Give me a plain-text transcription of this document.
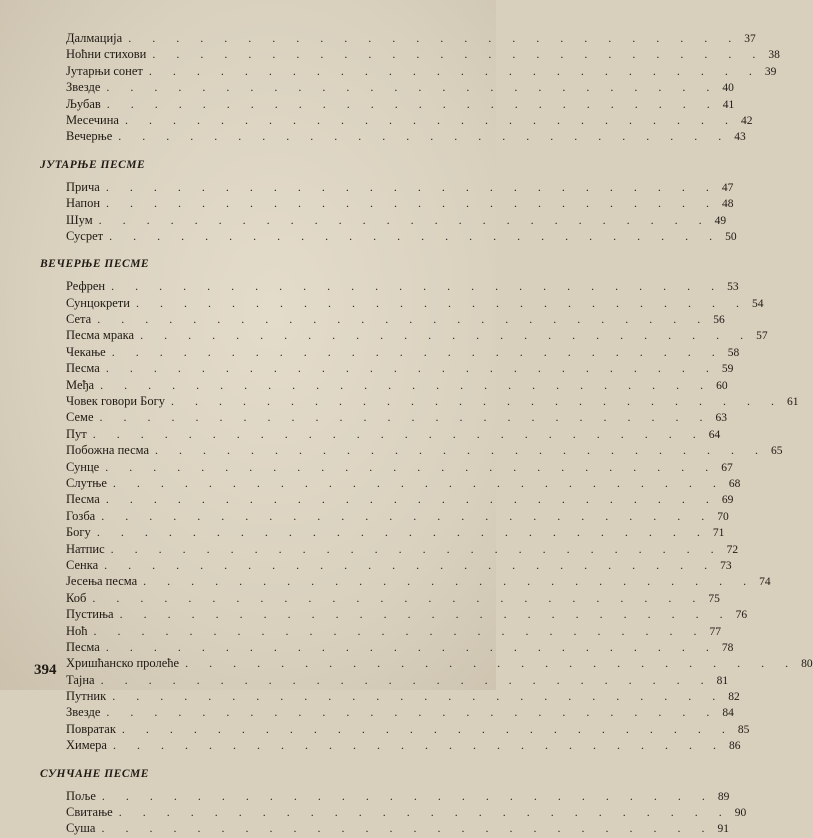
Далмација . . . . . . . . . . . . . . . . . . . . . . . . . . 37
Ноћни стихови . . . . . . . . . . . . . . . . . . . . . . . . . . 38
Јутарњи сонет . . . . . . . . . . . . . . . . . . . . . . . . . . 39
Звезде . . . . . . . . . . . . . . . . . . . . . . . . . . 40
Љубав . . . . . . . . . . . . . . . . . . . . . . . . . . 41
Месечина . . . . . . . . . . . . . . . . . . . . . . . . . . 42
Вечерње . . . . . . . . . . . . . . . . . . . . . . . . . . 43
ЈУТАРЊЕ ПЕСМЕ
Прича . . . . . . . . . . . . . . . . . . . . . . . . . . 47
Напон . . . . . . . . . . . . . . . . . . . . . . . . . . 48
Шум . . . . . . . . . . . . . . . . . . . . . . . . . . 49
Сусрет . . . . . . . . . . . . . . . . . . . . . . . . . . 50
ВЕЧЕРЊЕ ПЕСМЕ
Рефрен . . . . . . . . . . . . . . . . . . . . . . . . . . 53
Сунцокрети . . . . . . . . . . . . . . . . . . . . . . . . . . 54
Сета . . . . . . . . . . . . . . . . . . . . . . . . . . 56
Песма мрака . . . . . . . . . . . . . . . . . . . . . . . . . . 57
Чекање . . . . . . . . . . . . . . . . . . . . . . . . . . 58
Песма . . . . . . . . . . . . . . . . . . . . . . . . . . 59
Међа . . . . . . . . . . . . . . . . . . . . . . . . . . 60
Човек говори Богу . . . . . . . . . . . . . . . . . . . . . . . . . . 61
Семе . . . . . . . . . . . . . . . . . . . . . . . . . . 63
Пут . . . . . . . . . . . . . . . . . . . . . . . . . . 64
Побожна песма . . . . . . . . . . . . . . . . . . . . . . . . . . 65
Сунце . . . . . . . . . . . . . . . . . . . . . . . . . . 67
Слутње . . . . . . . . . . . . . . . . . . . . . . . . . . 68
Песма . . . . . . . . . . . . . . . . . . . . . . . . . . 69
Гозба . . . . . . . . . . . . . . . . . . . . . . . . . . 70
Богу . . . . . . . . . . . . . . . . . . . . . . . . . . 71
Натпис . . . . . . . . . . . . . . . . . . . . . . . . . . 72
Сенка . . . . . . . . . . . . . . . . . . . . . . . . . . 73
Јесења песма . . . . . . . . . . . . . . . . . . . . . . . . . . 74
Коб . . . . . . . . . . . . . . . . . . . . . . . . . . 75
Пустиња . . . . . . . . . . . . . . . . . . . . . . . . . . 76
Ноћ . . . . . . . . . . . . . . . . . . . . . . . . . . 77
Песма . . . . . . . . . . . . . . . . . . . . . . . . . . 78
Хришћанско пролеће . . . . . . . . . . . . . . . . . . . . . . . . . . 80
Тајна . . . . . . . . . . . . . . . . . . . . . . . . . . 81
Путник . . . . . . . . . . . . . . . . . . . . . . . . . . 82
Звезде . . . . . . . . . . . . . . . . . . . . . . . . . . 84
Повратак . . . . . . . . . . . . . . . . . . . . . . . . . . 85
Химера . . . . . . . . . . . . . . . . . . . . . . . . . . 86
СУНЧАНЕ ПЕСМЕ
Поље . . . . . . . . . . . . . . . . . . . . . . . . . . 89
Свитање . . . . . . . . . . . . . . . . . . . . . . . . . . 90
Суша . . . . . . . . . . . . . . . . . . . . . . . . . . 91
394
